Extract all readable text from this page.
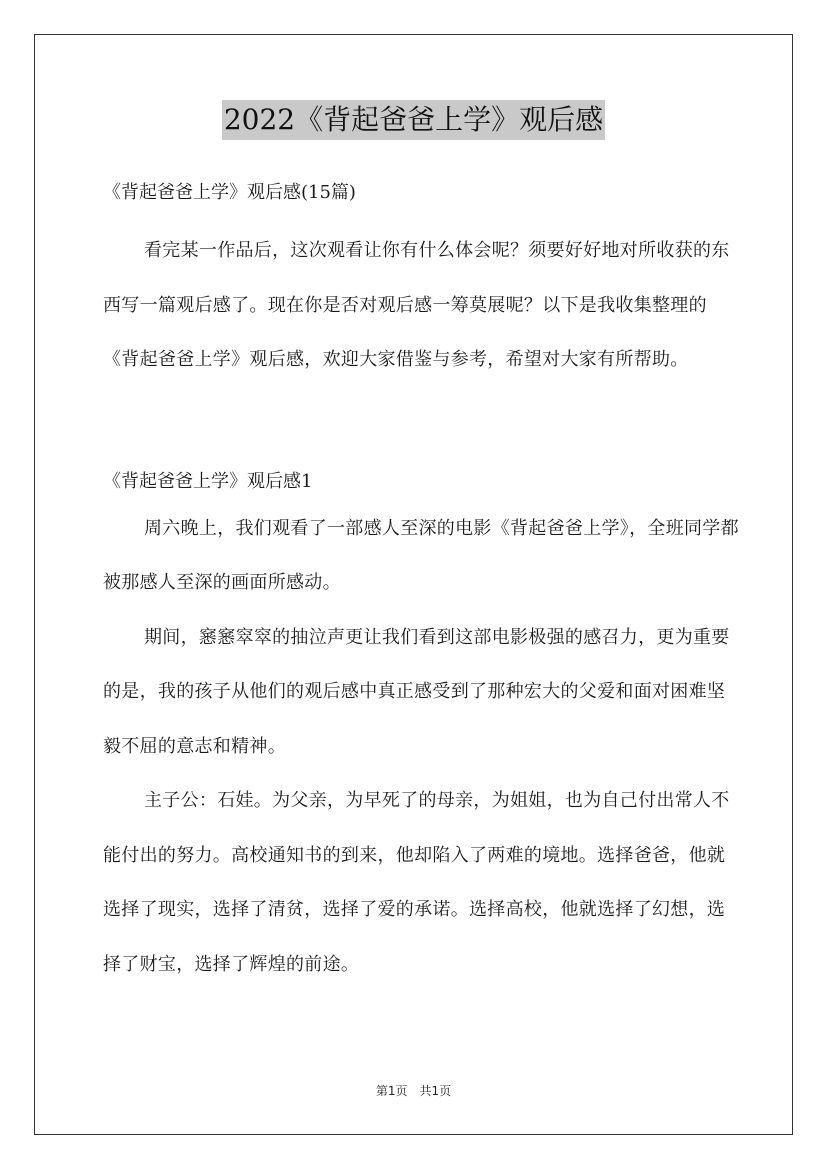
2022《背起爸爸上学》观后感

《背起爸爸上学》观后感(15篇)

看完某一作品后，这次观看让你有什么体会呢？须要好好地对所收获的东西写一篇观后感了。现在你是否对观后感一筹莫展呢？以下是我收集整理的《背起爸爸上学》观后感，欢迎大家借鉴与参考，希望对大家有所帮助。

《背起爸爸上学》观后感1

周六晚上，我们观看了一部感人至深的电影《背起爸爸上学》，全班同学都被那感人至深的画面所感动。

期间，窸窸窣窣的抽泣声更让我们看到这部电影极强的感召力，更为重要的是，我的孩子从他们的观后感中真正感受到了那种宏大的父爱和面对困难坚毅不屈的意志和精神。

主子公：石娃。为父亲，为早死了的母亲，为姐姐，也为自己付出常人不能付出的努力。高校通知书的到来，他却陷入了两难的境地。选择爸爸，他就选择了现实，选择了清贫，选择了爱的承诺。选择高校，他就选择了幻想，选择了财宝，选择了辉煌的前途。

第1页　共1页
